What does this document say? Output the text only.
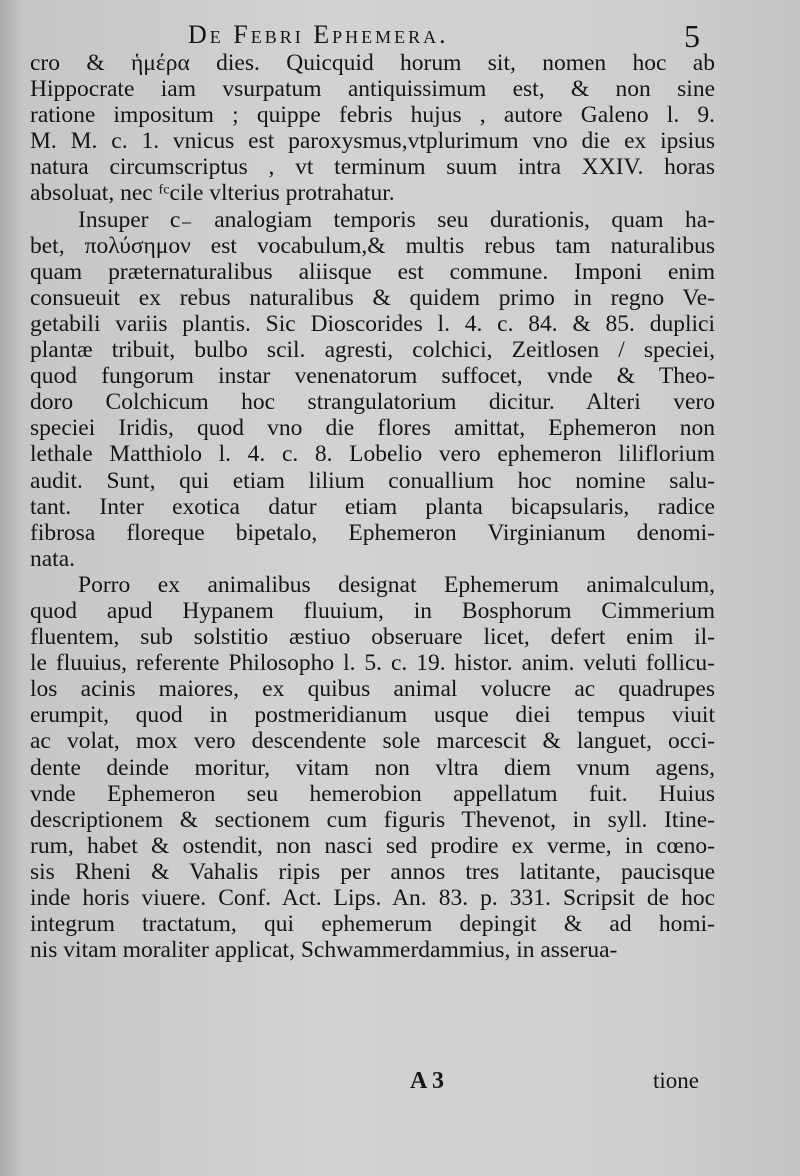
De Febri Ephemera.	5

cro & ἡμέρα dies. Quicquid horum sit, nomen hoc ab
Hippocrate iam vsurpatum antiquissimum est, & non sine
ratione impositum ; quippe febris hujus , autore Galeno l. 9.
M. M. c. 1. vnicus est paroxysmus,vtplurimum vno die ex ipsius
natura circumscriptus , vt terminum suum intra XXIV. horas
absoluat, nec ᶠᶜcile vlterius protrahatur.

Insuper c₋ analogiam temporis seu durationis, quam ha-
bet, πολύσημον est vocabulum,& multis rebus tam naturalibus
quam præternaturalibus aliisque est commune. Imponi enim
consueuit ex rebus naturalibus & quidem primo in regno Ve-
getabili variis plantis. Sic Dioscorides l. 4. c. 84. & 85. duplici
plantæ tribuit, bulbo scil. agresti, colchici, Zeitlosen / speciei,
quod fungorum instar venenatorum suffocet, vnde & Theo-
doro Colchicum hoc strangulatorium dicitur. Alteri vero
speciei Iridis, quod vno die flores amittat, Ephemeron non
lethale Matthiolo l. 4. c. 8. Lobelio vero ephemeron liliflorium
audit. Sunt, qui etiam lilium conuallium hoc nomine salu-
tant. Inter exotica datur etiam planta bicapsularis, radice
fibrosa floreque bipetalo, Ephemeron Virginianum denomi-
nata.

Porro ex animalibus designat Ephemerum animalculum,
quod apud Hypanem fluuium, in Bosphorum Cimmerium
fluentem, sub solstitio æstiuo obseruare licet, defert enim il-
le fluuius, referente Philosopho l. 5. c. 19. histor. anim. veluti follicu-
los acinis maiores, ex quibus animal volucre ac quadrupes
erumpit, quod in postmeridianum usque diei tempus viuit
ac volat, mox vero descendente sole marcescit & languet, occi-
dente deinde moritur, vitam non vltra diem vnum agens,
vnde Ephemeron seu hemerobion appellatum fuit. Huius
descriptionem & sectionem cum figuris Thevenot, in syll. Itine-
rum, habet & ostendit, non nasci sed prodire ex verme, in cœno-
sis Rheni & Vahalis ripis per annos tres latitante, paucisque
inde horis viuere. Conf. Act. Lips. An. 83. p. 331. Scripsit de hoc
integrum tractatum, qui ephemerum depingit & ad homi-
nis vitam moraliter applicat, Schwammerdammius, in asserua-

A 3	tione
